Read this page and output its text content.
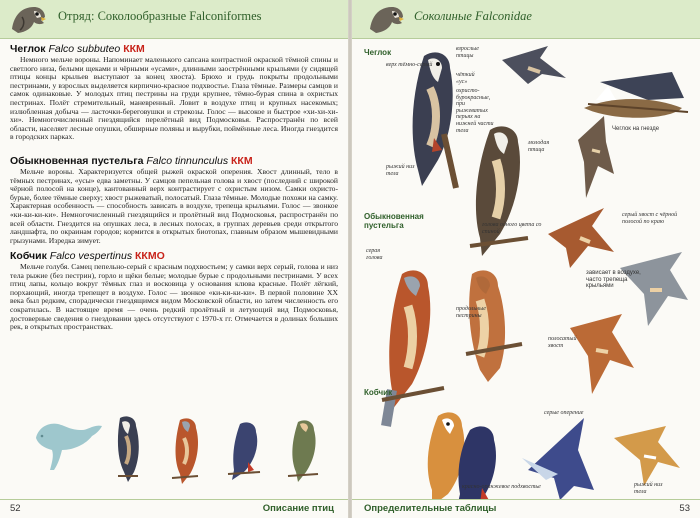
Отряд: Соколообразные Falconiformes
Чеглок Falco subbuteo ККМ

Немного мельче вороны. Напоминает маленького сапсана контрастной окраской тёмной спины и светлого низа, белыми щеками и чёрными «усами», длинными заострёнными крыльями (у сидящей птицы концы крыльев выступают за конец хвоста). Брюхо и грудь покрыты продольными пестринами, у взрослых выделяется кирпично-красное подхвостье. Глаза тёмные. Размеры самцов и самок одинаковые. У молодых птиц пестрины на груди крупнее, тёмно-бурая спина в охристых пестринах. Полёт стремительный, маневренный. Ловит в воздухе птиц и крупных насекомых; излюбленная добыча — ласточки-береговушки и стрекозы. Голос — высокое и быстрое «хи-хи-хи-хи». Немногочисленный гнездящийся перелётный вид Подмосковья. Распространён по всей области, населяет лесные опушки, обширные поляны и вырубки, поймённые леса. Иногда гнездится в городских парках.

Обыкновенная пустельга Falco tinnunculus ККМ

Мельче вороны. Характеризуется общей рыжей окраской оперения. Хвост длинный, тело в тёмных пестринах, «усы» едва заметны. У самцов пепельная голова и хвост (последний с широкой чёрной полосой на конце), кантованный верх контрастирует с охристым низом. Самки охристо-бурые, более тёмные сверху; хвост рыжеватый, полосатый. Глаза тёмные. Молодые похожи на самку. Характерная особенность — способность зависать в воздухе, трепеща крыльями. Голос — звонкое «ки-ки-ки-ки». Немногочисленный гнездящийся и пролётный вид Подмосковья, распространён по всей области. Гнездится на опушках леса, в лесных полосах, в группах деревьев среди открытого ландшафта, по окраинам городов; кормится в открытых биотопах, главным образом мышевидными грызунами. Изредка зимует.

Кобчик Falco vespertinus ККМО

Мельче голубя. Самец пепельно-серый с красным подхвостьем; у самки верх серый, голова и низ тела рыжие (без пестрин), горло и щёки белые; молодые бурые с продольными пестринами. У всех птиц лапы, кольцо вокруг тёмных глаз и восковица у основания клюва красные. Полёт лёгкий, порхающий, иногда трепещет в воздухе. Голос — звонкое «ки-ки-ки-ки». В первой половине XX века был редким, спорадически гнездящимся видом Московской области, но затем численность его сократилась. В настоящее время — очень редкий пролётный и летующий вид Подмосковья, достоверные сведения о гнездовании здесь отсутствуют с 1970-х гг. Отмечается в долинах больших рек, в открытых пространствах.

52	Описание птиц
Соколиные Falconidae
Чеглок
Обыкновенная пустельга
Кобчик
верх тёмно-серый
взрослые птицы
чёткий «ус»
охристо-бурокрасные, при рыжеватых перьях на нижней части тела
рыжий низ тела
молодая птица
Чеглок на гнезде
голова одного цвета со спиной
серая голова
продольные пестрины
полосатый хвост
серый хвост с чёрной полосой по краю
зависает в воздухе, часто трепеща крыльями
серые оперение
красно-оранжевое подхвостье	рыжий низ тела
Определительные таблицы	53
